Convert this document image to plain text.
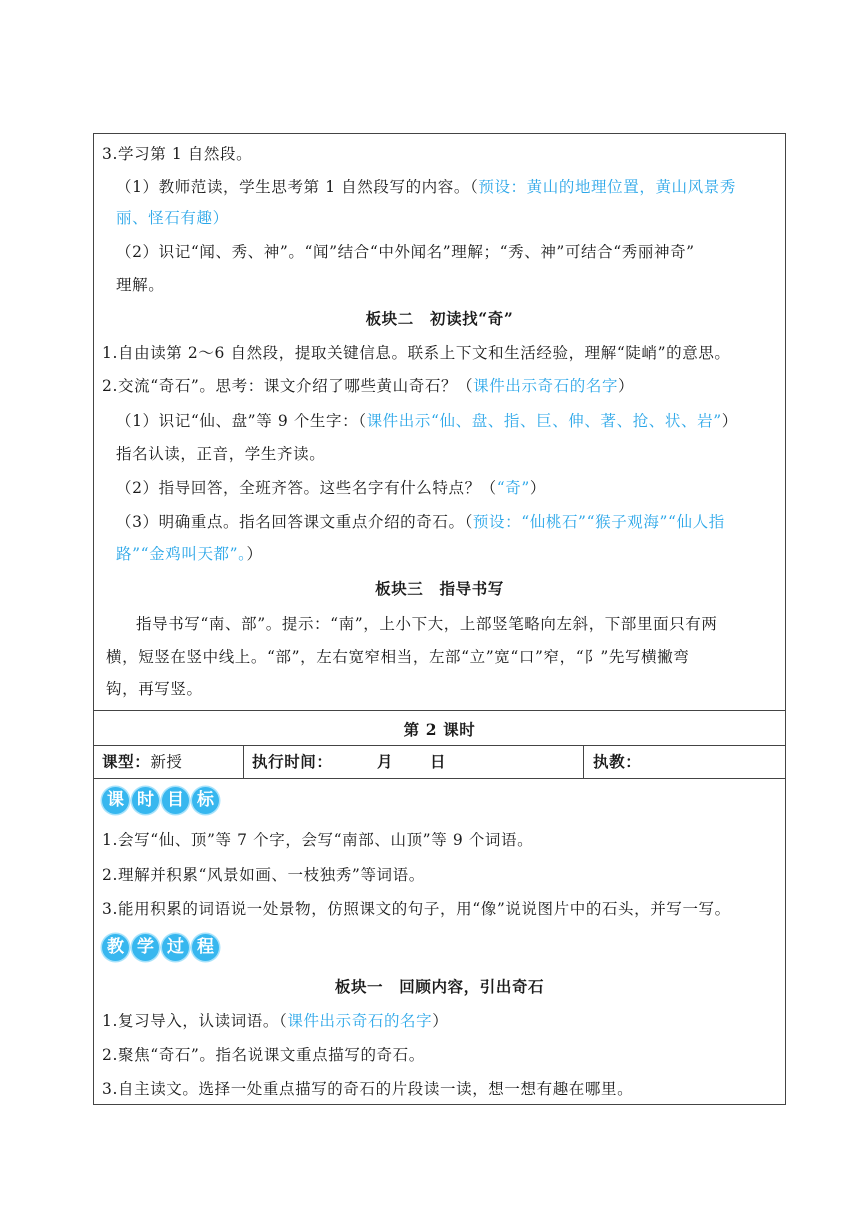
3.学习第 1 自然段。
（1）教师范读，学生思考第 1 自然段写的内容。（预设：黄山的地理位置，黄山风景秀
丽、怪石有趣）
（2）识记“闻、秀、神”。“闻”结合“中外闻名”理解；“秀、神”可结合“秀丽神奇”
理解。
板块二　初读找“奇”
1.自由读第 2～6 自然段，提取关键信息。联系上下文和生活经验，理解“陡峭”的意思。
2.交流“奇石”。思考：课文介绍了哪些黄山奇石？（课件出示奇石的名字）
（1）识记“仙、盘”等 9 个生字：（课件出示“仙、盘、指、巨、伸、著、抢、状、岩”）
指名认读，正音，学生齐读。
（2）指导回答，全班齐答。这些名字有什么特点？（“奇”）
（3）明确重点。指名回答课文重点介绍的奇石。（预设：“仙桃石”“猴子观海”“仙人指
路”“金鸡叫天都”。）
板块三　指导书写
指导书写“南、部”。提示：“南”，上小下大，上部竖笔略向左斜，下部里面只有两
横，短竖在竖中线上。“部”，左右宽窄相当，左部“立”宽“口”窄，“阝”先写横撇弯
钩，再写竖。
第 2 课时
课型：新授	执行时间：	月 日	执教：
课 时 目 标
1.会写“仙、顶”等 7 个字，会写“南部、山顶”等 9 个词语。
2.理解并积累“风景如画、一枝独秀”等词语。
3.能用积累的词语说一处景物，仿照课文的句子，用“像”说说图片中的石头，并写一写。
教 学 过 程
板块一　回顾内容，引出奇石
1.复习导入，认读词语。（课件出示奇石的名字）
2.聚焦“奇石”。指名说课文重点描写的奇石。
3.自主读文。选择一处重点描写的奇石的片段读一读，想一想有趣在哪里。
